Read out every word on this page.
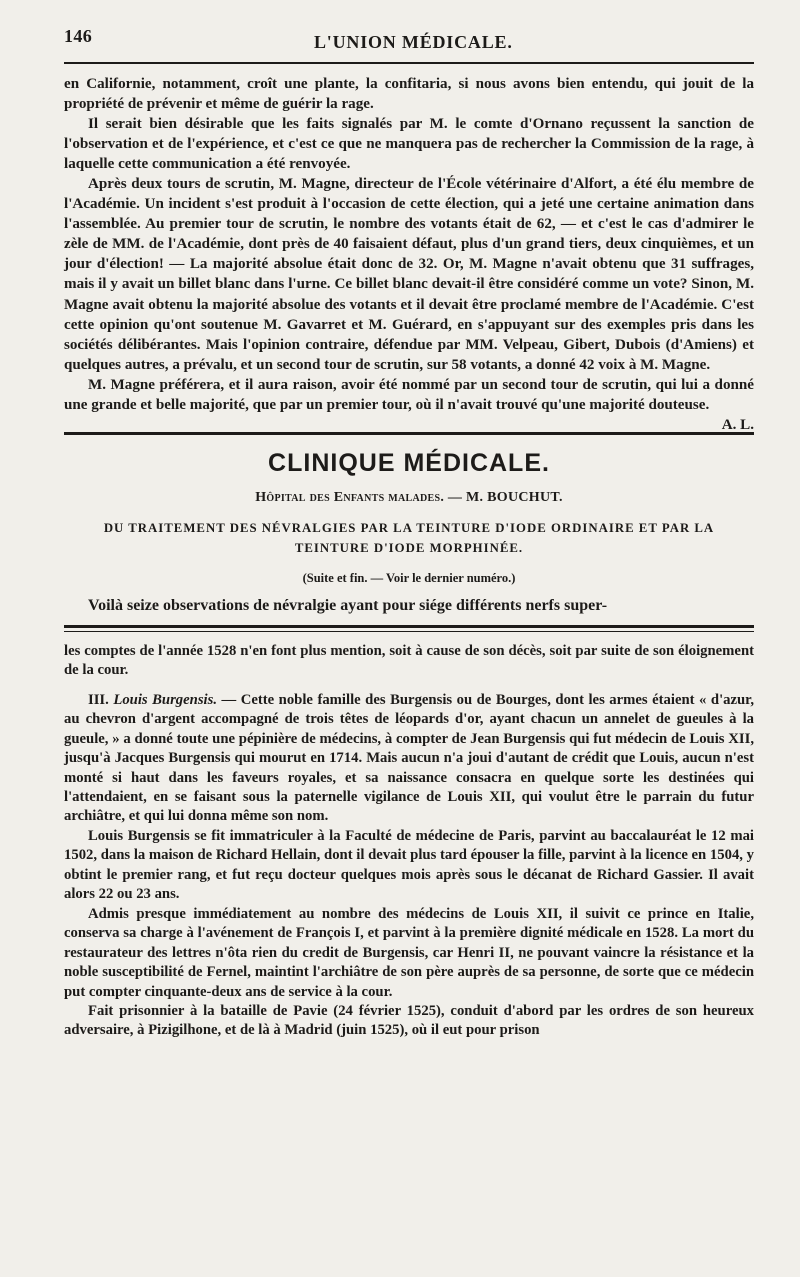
146	L'UNION MÉDICALE.

en Californie, notamment, croît une plante, la confitaria, si nous avons bien entendu, qui jouit de la propriété de prévenir et même de guérir la rage.

Il serait bien désirable que les faits signalés par M. le comte d'Ornano reçussent la sanction de l'observation et de l'expérience, et c'est ce que ne manquera pas de rechercher la Commission de la rage, à laquelle cette communication a été renvoyée.

Après deux tours de scrutin, M. Magne, directeur de l'École vétérinaire d'Alfort, a été élu membre de l'Académie. Un incident s'est produit à l'occasion de cette élection, qui a jeté une certaine animation dans l'assemblée. Au premier tour de scrutin, le nombre des votants était de 62, — et c'est le cas d'admirer le zèle de MM. de l'Académie, dont près de 40 faisaient défaut, plus d'un grand tiers, deux cinquièmes, et un jour d'élection! — La majorité absolue était donc de 32. Or, M. Magne n'avait obtenu que 31 suffrages, mais il y avait un billet blanc dans l'urne. Ce billet blanc devait-il être considéré comme un vote? Sinon, M. Magne avait obtenu la majorité absolue des votants et il devait être proclamé membre de l'Académie. C'est cette opinion qu'ont soutenue M. Gavarret et M. Guérard, en s'appuyant sur des exemples pris dans les sociétés délibérantes. Mais l'opinion contraire, défendue par MM. Velpeau, Gibert, Dubois (d'Amiens) et quelques autres, a prévalu, et un second tour de scrutin, sur 58 votants, a donné 42 voix à M. Magne.

M. Magne préférera, et il aura raison, avoir été nommé par un second tour de scrutin, qui lui a donné une grande et belle majorité, que par un premier tour, où il n'avait trouvé qu'une majorité douteuse.
A. L.

CLINIQUE MÉDICALE.
Hôpital des Enfants malades. — M. BOUCHUT.
DU TRAITEMENT DES NÉVRALGIES PAR LA TEINTURE D'IODE ORDINAIRE ET PAR LA
TEINTURE D'IODE MORPHINÉE.
(Suite et fin. — Voir le dernier numéro.)

Voilà seize observations de névralgie ayant pour siége différents nerfs super-

les comptes de l'année 1528 n'en font plus mention, soit à cause de son décès, soit par suite de son éloignement de la cour.

III. Louis Burgensis. — Cette noble famille des Burgensis ou de Bourges, dont les armes étaient « d'azur, au chevron d'argent accompagné de trois têtes de léopards d'or, ayant chacun un annelet de gueules à la gueule, » a donné toute une pépinière de médecins, à compter de Jean Burgensis qui fut médecin de Louis XII, jusqu'à Jacques Burgensis qui mourut en 1714. Mais aucun n'a joui d'autant de crédit que Louis, aucun n'est monté si haut dans les faveurs royales, et sa naissance consacra en quelque sorte les destinées qui l'attendaient, en se faisant sous la paternelle vigilance de Louis XII, qui voulut être le parrain du futur archiâtre, et qui lui donna même son nom.

Louis Burgensis se fit immatriculer à la Faculté de médecine de Paris, parvint au baccalauréat le 12 mai 1502, dans la maison de Richard Hellain, dont il devait plus tard épouser la fille, parvint à la licence en 1504, y obtint le premier rang, et fut reçu docteur quelques mois après sous le décanat de Richard Gassier. Il avait alors 22 ou 23 ans.

Admis presque immédiatement au nombre des médecins de Louis XII, il suivit ce prince en Italie, conserva sa charge à l'avénement de François I, et parvint à la première dignité médicale en 1528. La mort du restaurateur des lettres n'ôta rien du credit de Burgensis, car Henri II, ne pouvant vaincre la résistance et la noble susceptibilité de Fernel, maintint l'archiâtre de son père auprès de sa personne, de sorte que ce médecin put compter cinquante-deux ans de service à la cour.

Fait prisonnier à la bataille de Pavie (24 février 1525), conduit d'abord par les ordres de son heureux adversaire, à Pizigilhone, et de là à Madrid (juin 1525), où il eut pour prison
